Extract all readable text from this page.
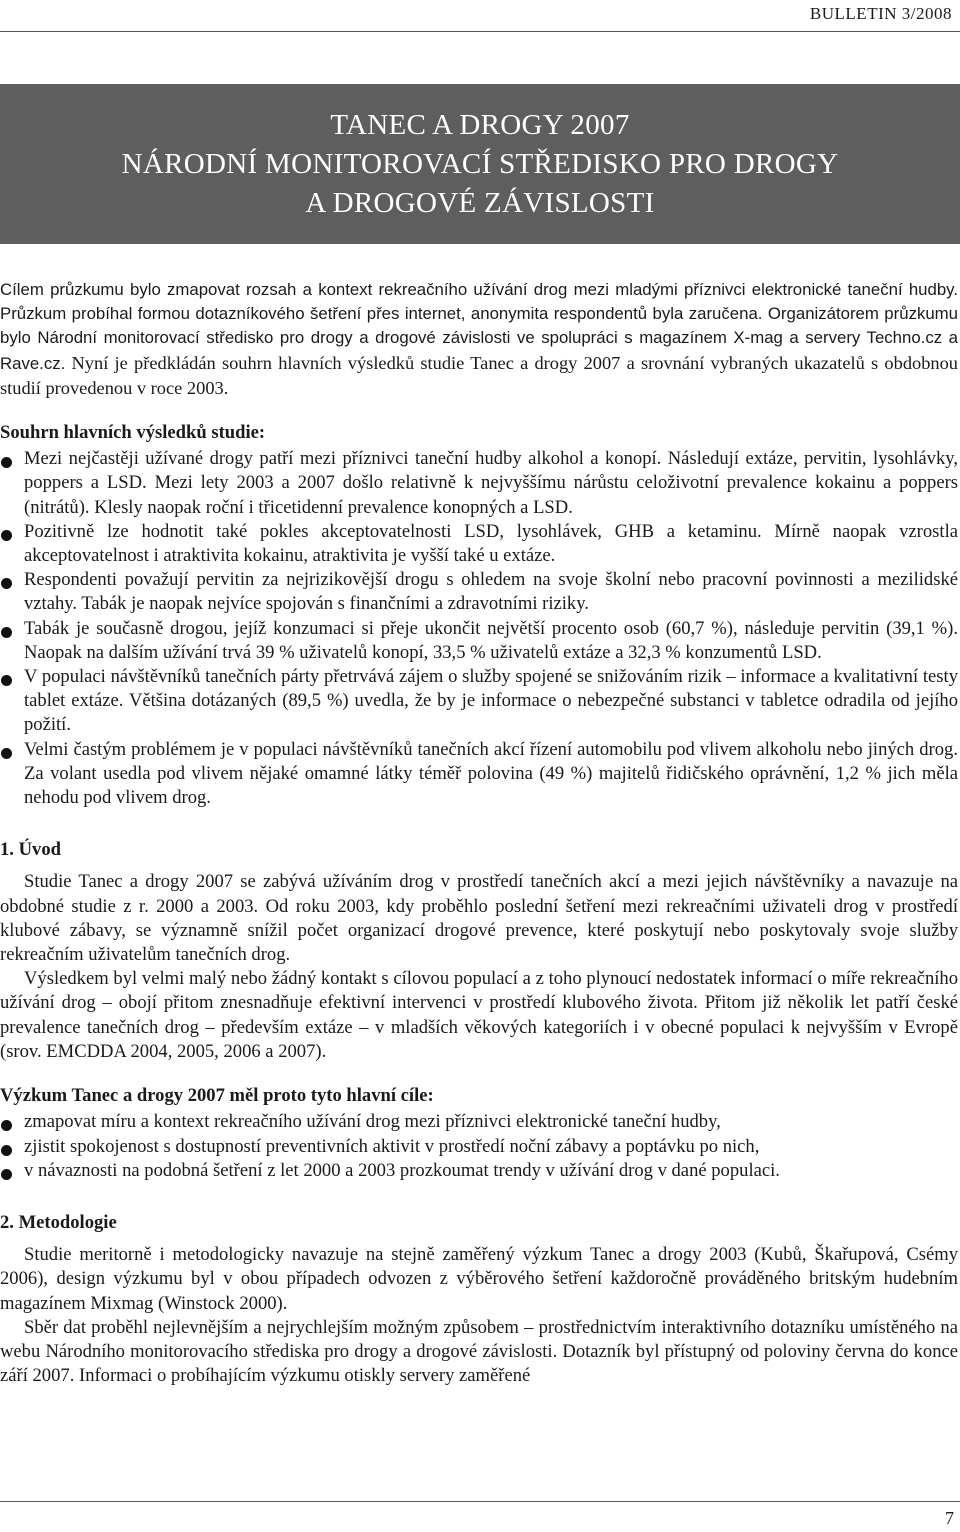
BULLETIN 3/2008
TANEC A DROGY 2007
NÁRODNÍ MONITOROVACÍ STŘEDISKO PRO DROGY
A DROGOVÉ ZÁVISLOSTI

Cílem průzkumu bylo zmapovat rozsah a kontext rekreačního užívání drog mezi mladými příznivci elektronické taneční hudby. Průzkum probíhal formou dotazníkového šetření přes internet, anonymita respondentů byla zaručena. Organizátorem průzkumu bylo Národní monitorovací středisko pro drogy a drogové závislosti ve spolupráci s magazínem X-mag a servery Techno.cz a Rave.cz. Nyní je předkládán souhrn hlavních výsledků studie Tanec a drogy 2007 a srovnání vybraných ukazatelů s obdobnou studií provedenou v roce 2003.

Souhrn hlavních výsledků studie:

Mezi nejčastěji užívané drogy patří mezi příznivci taneční hudby alkohol a konopí. Následují extáze, pervitin, lysohlávky, poppers a LSD. Mezi lety 2003 a 2007 došlo relativně k nejvyššímu nárůstu celoživotní prevalence kokainu a poppers (nitrátů). Klesly naopak roční i třicetidenní prevalence konopných a LSD.
Pozitivně lze hodnotit také pokles akceptovatelnosti LSD, lysohlávek, GHB a ketaminu. Mírně naopak vzrostla akceptovatelnost i atraktivita kokainu, atraktivita je vyšší také u extáze.
Respondenti považují pervitin za nejrizikovější drogu s ohledem na svoje školní nebo pracovní povinnosti a mezilidské vztahy. Tabák je naopak nejvíce spojován s finančními a zdravotními riziky.
Tabák je současně drogou, jejíž konzumaci si přeje ukončit největší procento osob (60,7 %), následuje pervitin (39,1 %). Naopak na dalším užívání trvá 39 % uživatelů konopí, 33,5 % uživatelů extáze a 32,3 % konzumentů LSD.
V populaci návštěvníků tanečních párty přetrvává zájem o služby spojené se snižováním rizik – informace a kvalitativní testy tablet extáze. Většina dotázaných (89,5 %) uvedla, že by je informace o nebezpečné substanci v tabletce odradila od jejího požití.
Velmi častým problémem je v populaci návštěvníků tanečních akcí řízení automobilu pod vlivem alkoholu nebo jiných drog. Za volant usedla pod vlivem nějaké omamné látky téměř polovina (49 %) majitelů řidičského oprávnění, 1,2 % jich měla nehodu pod vlivem drog.

1. Úvod

Studie Tanec a drogy 2007 se zabývá užíváním drog v prostředí tanečních akcí a mezi jejich návštěvníky a navazuje na obdobné studie z r. 2000 a 2003. Od roku 2003, kdy proběhlo poslední šetření mezi rekreačními uživateli drog v prostředí klubové zábavy, se významně snížil počet organizací drogové prevence, které poskytují nebo poskytovaly svoje služby rekreačním uživatelům tanečních drog.

Výsledkem byl velmi malý nebo žádný kontakt s cílovou populací a z toho plynoucí nedostatek informací o míře rekreačního užívání drog – obojí přitom znesnadňuje efektivní intervenci v prostředí klubového života. Přitom již několik let patří české prevalence tanečních drog – především extáze – v mladších věkových kategoriích i v obecné populaci k nejvyšším v Evropě (srov. EMCDDA 2004, 2005, 2006 a 2007).

Výzkum Tanec a drogy 2007 měl proto tyto hlavní cíle:

zmapovat míru a kontext rekreačního užívání drog mezi příznivci elektronické taneční hudby,
zjistit spokojenost s dostupností preventivních aktivit v prostředí noční zábavy a poptávku po nich,
v návaznosti na podobná šetření z let 2000 a 2003 prozkoumat trendy v užívání drog v dané populaci.

2. Metodologie

Studie meritorně i metodologicky navazuje na stejně zaměřený výzkum Tanec a drogy 2003 (Kubů, Škařupová, Csémy 2006), design výzkumu byl v obou případech odvozen z výběrového šetření každoročně prováděného britským hudebním magazínem Mixmag (Winstock 2000).

Sběr dat proběhl nejlevnějším a nejrychlejším možným způsobem – prostřednictvím interaktivního dotazníku umístěného na webu Národního monitorovacího střediska pro drogy a drogové závislosti. Dotazník byl přístupný od poloviny června do konce září 2007. Informaci o probíhajícím výzkumu otiskly servery zaměřené

7
